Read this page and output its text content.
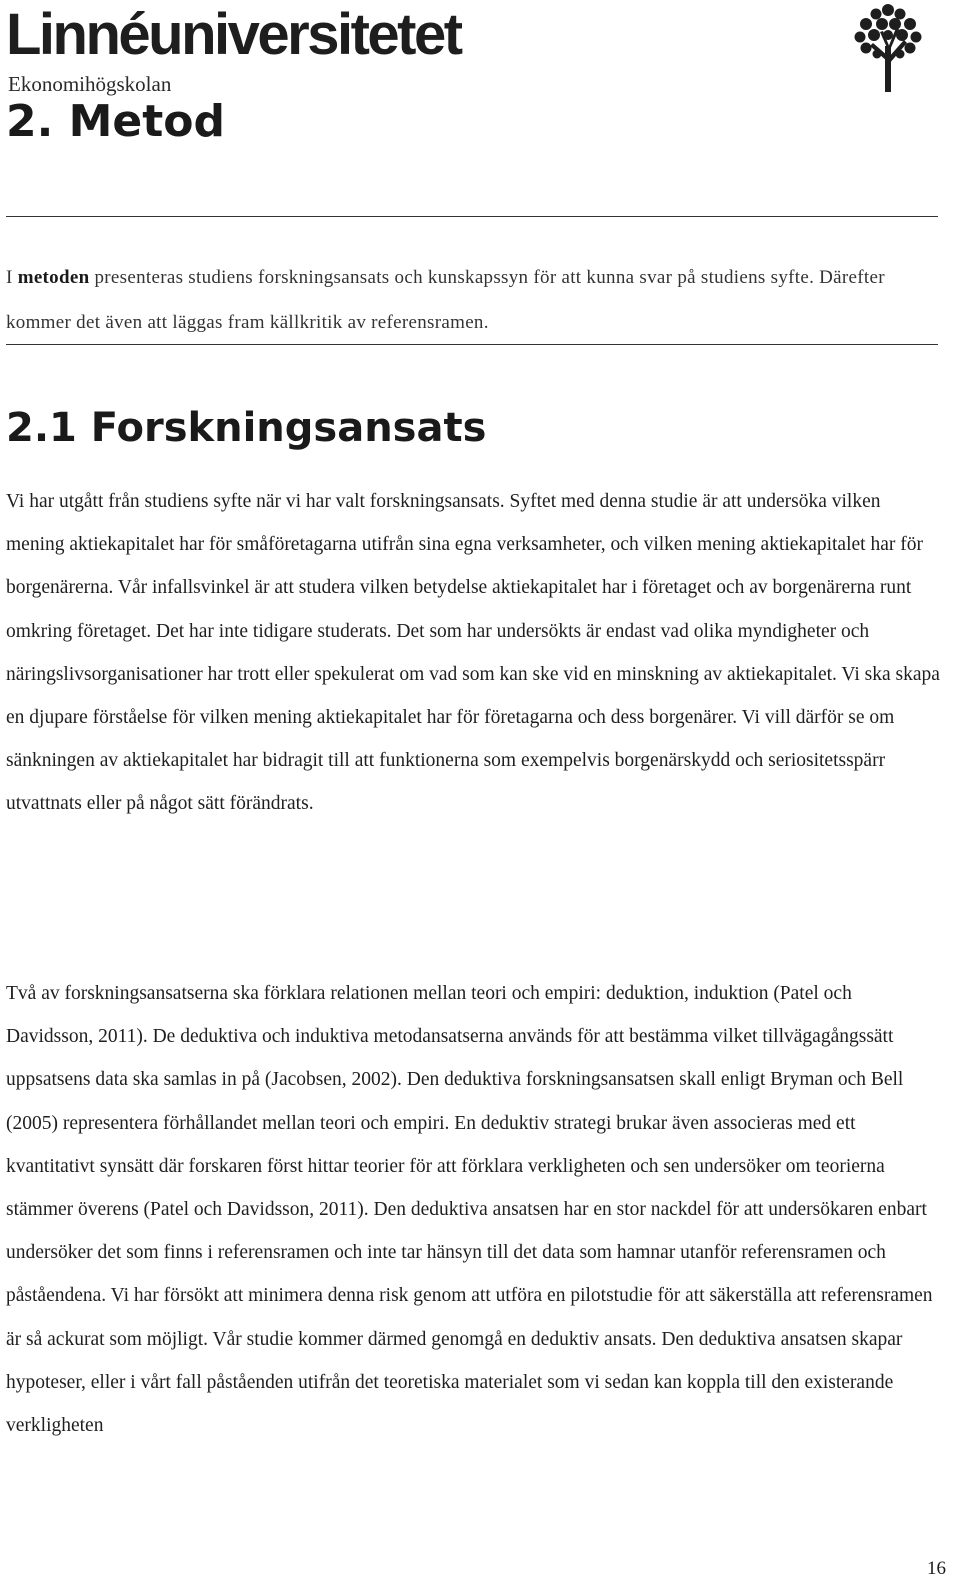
Linnéuniversitetet
Ekonomihögskolan
2. Metod

I metoden presenteras studiens forskningsansats och kunskapssyn för att kunna svar på studiens syfte. Därefter kommer det även att läggas fram källkritik av referensramen.

2.1 Forskningsansats

Vi har utgått från studiens syfte när vi har valt forskningsansats. Syftet med denna studie är att undersöka vilken mening aktiekapitalet har för småföretagarna utifrån sina egna verksamheter, och vilken mening aktiekapitalet har för borgenärerna. Vår infallsvinkel är att studera vilken betydelse aktiekapitalet har i företaget och av borgenärerna runt omkring företaget. Det har inte tidigare studerats. Det som har undersökts är endast vad olika myndigheter och näringslivsorganisationer har trott eller spekulerat om vad som kan ske vid en minskning av aktiekapitalet. Vi ska skapa en djupare förståelse för vilken mening aktiekapitalet har för företagarna och dess borgenärer. Vi vill därför se om sänkningen av aktiekapitalet har bidragit till att funktionerna som exempelvis borgenärskydd och seriositetsspärr utvattnats eller på något sätt förändrats.

Två av forskningsansatserna ska förklara relationen mellan teori och empiri: deduktion, induktion (Patel och Davidsson, 2011). De deduktiva och induktiva metodansatserna används för att bestämma vilket tillvägagångssätt uppsatsens data ska samlas in på (Jacobsen, 2002). Den deduktiva forskningsansatsen skall enligt Bryman och Bell (2005) representera förhållandet mellan teori och empiri. En deduktiv strategi brukar även associeras med ett kvantitativt synsätt där forskaren först hittar teorier för att förklara verkligheten och sen undersöker om teorierna stämmer överens (Patel och Davidsson, 2011). Den deduktiva ansatsen har en stor nackdel för att undersökaren enbart undersöker det som finns i referensramen och inte tar hänsyn till det data som hamnar utanför referensramen och påståendena. Vi har försökt att minimera denna risk genom att utföra en pilotstudie för att säkerställa att referensramen är så ackurat som möjligt. Vår studie kommer därmed genomgå en deduktiv ansats. Den deduktiva ansatsen skapar hypoteser, eller i vårt fall påståenden utifrån det teoretiska materialet som vi sedan kan koppla till den existerande verkligheten

16
